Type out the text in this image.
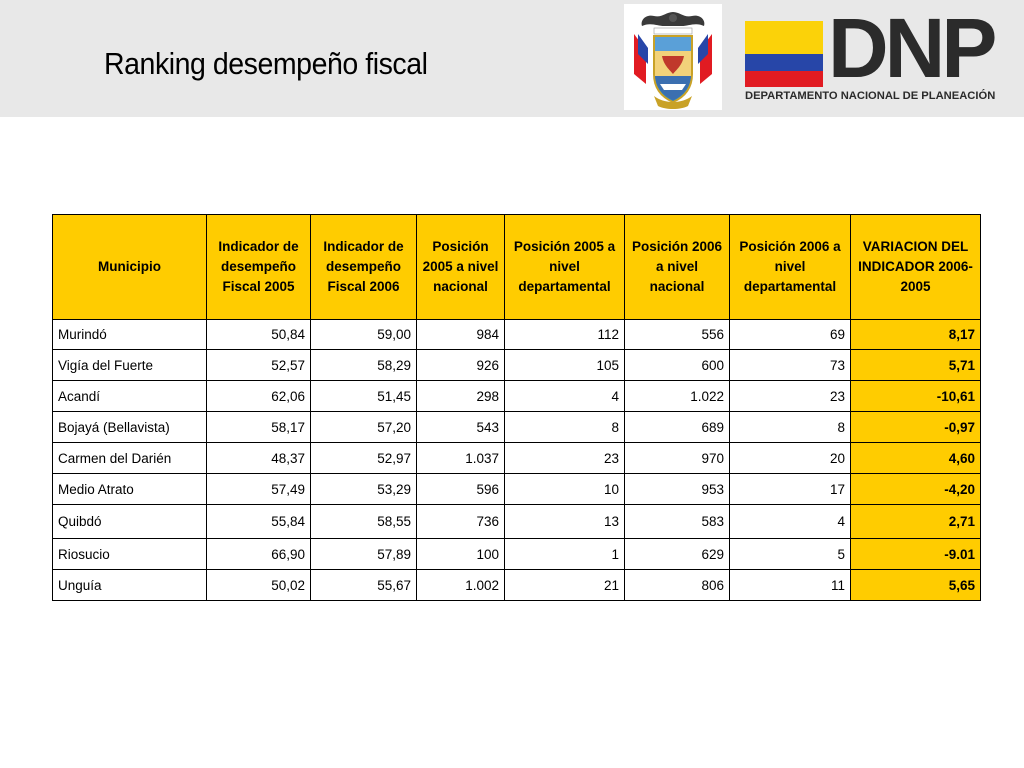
Ranking desempeño fiscal	DNP
DEPARTAMENTO NACIONAL DE PLANEACIÓN
Municipio	Indicador de desempeño Fiscal 2005	Indicador de desempeño Fiscal 2006	Posición 2005 a nivel nacional	Posición 2005 a nivel departamental	Posición 2006 a nivel nacional	Posición 2006 a nivel departamental	VARIACION DEL INDICADOR 2006-2005
Murindó	50,84	59,00	984	112	556	69	8,17
Vigía del Fuerte	52,57	58,29	926	105	600	73	5,71
Acandí	62,06	51,45	298	4	1.022	23	-10,61
Bojayá (Bellavista)	58,17	57,20	543	8	689	8	-0,97
Carmen del Darién	48,37	52,97	1.037	23	970	20	4,60
Medio Atrato	57,49	53,29	596	10	953	17	-4,20
Quibdó	55,84	58,55	736	13	583	4	2,71
Riosucio	66,90	57,89	100	1	629	5	-9.01
Unguía	50,02	55,67	1.002	21	806	11	5,65
